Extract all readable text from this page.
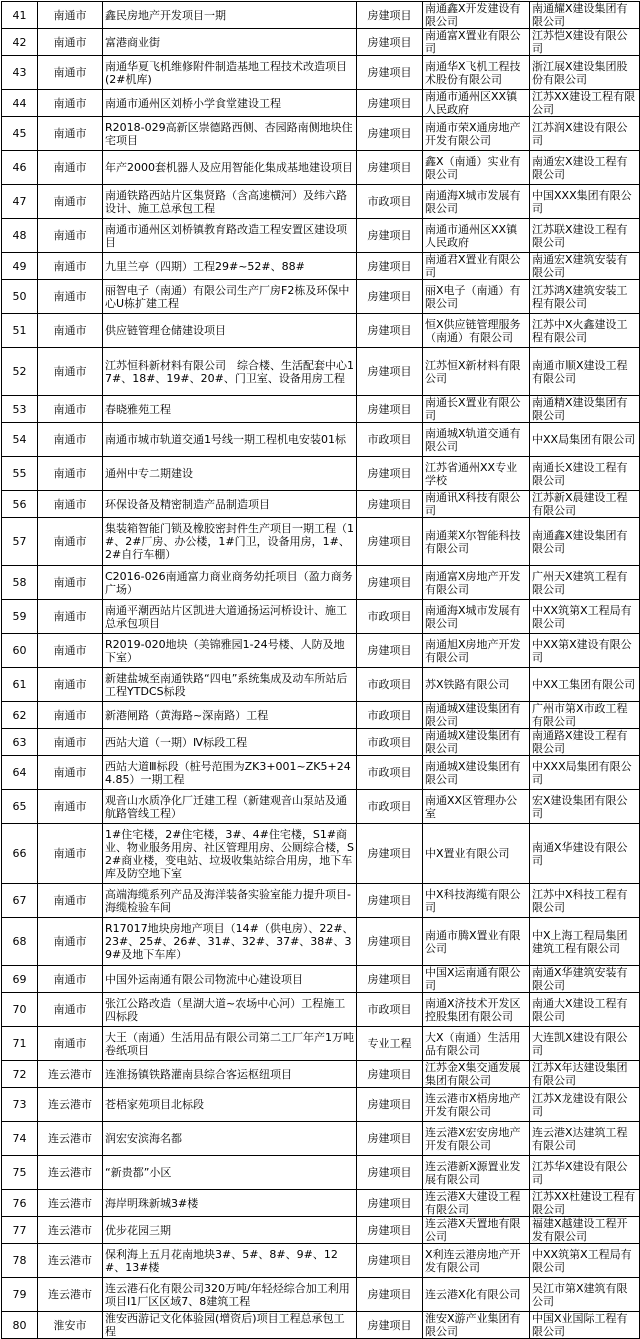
41	南通市	鑫民房地产开发项目一期	房建项目	南通鑫X开发建设有限公司	南通耀X建设集团有限公司
42	南通市	富港商业街	房建项目	南通富X置业有限公司	江苏恺X建设有限公司
43	南通市	南通华夏飞机维修附件制造基地工程技术改造项目(2#机库)	房建项目	南通华X飞机工程技术股份有限公司	浙江展X建设集团股份有限公司
44	南通市	南通市通州区刘桥小学食堂建设工程	房建项目	南通市通州区XX镇人民政府	江苏XX建设工程有限公司
45	南通市	R2018-029高新区崇德路西侧、杏园路南侧地块住宅项目	房建项目	南通市荣X通房地产开发有限公司	江苏润X建设有限公司
46	南通市	年产2000套机器人及应用智能化集成基地建设项目	房建项目	鑫X（南通）实业有限公司	南通宏X建设工程有限公司
47	南通市	南通铁路西站片区集贤路（含高速横河）及纬六路设计、施工总承包工程	市政项目	南通海X城市发展有限公司	中国XXX集团有限公司
48	南通市	南通市通州区刘桥镇教育路改造工程安置区建设项目	房建项目	南通市通州区XX镇人民政府	江苏联X建设工程有限公司
49	南通市	九里兰亭（四期）工程29#~52#、88#	房建项目	南通君X置业有限公司	南通宏X建筑安装有限公司
50	南通市	丽智电子（南通）有限公司生产厂房F2栋及环保中心U栋扩建工程	房建项目	丽X电子（南通）有限公司	江苏鸿X建筑安装工程有限公司
51	南通市	供应链管理仓储建设项目	房建项目	恒X供应链管理服务（南通）有限公司	江苏中X火鑫建设工程有限公司
52	南通市	江苏恒科新材料有限公司　综合楼、生活配套中心17#、18#、19#、20#、门卫室、设备用房工程	房建项目	江苏恒X新材料有限公司	南通市顺X建设工程有限公司
53	南通市	春晓雅苑工程	房建项目	南通长X置业有限公司	南通精X建设集团有限公司
54	南通市	南通市城市轨道交通1号线一期工程机电安装01标	市政项目	南通城X轨道交通有限公司	中XX局集团有限公司
55	南通市	通州中专二期建设	房建项目	江苏省通州XX专业学校	南通长X建设工程有限公司
56	南通市	环保设备及精密制造产品制造项目	房建项目	南通讯X科技有限公司	江苏新X晨建设工程有限公司
57	南通市	集装箱智能门锁及橡胶密封件生产项目一期工程（1#、2#厂房、办公楼，1#门卫，设备用房，1#、2#自行车棚）	房建项目	南通莱X尔智能科技有限公司	南通鑫X建设集团有限公司
58	南通市	C2016-026南通富力商业商务幼托项目（盈力商务广场）	房建项目	南通富X房地产开发有限公司	广州天X建筑工程有限公司
59	南通市	南通平潮西站片区凯进大道通扬运河桥设计、施工总承包项目	市政项目	南通海X城市发展有限公司	中XX筑第X工程局有限公司
60	南通市	R2019-020地块（美锦雅园1-24号楼、人防及地下室）	房建项目	南通旭X房地产开发有限公司	中XX第X建设有限公司
61	南通市	新建盐城至南通铁路“四电”系统集成及动车所站后工程YTDCS标段	市政项目	苏X铁路有限公司	中XX工集团有限公司
62	南通市	新港闸路（黄海路~深南路）工程	市政项目	南通城X建设集团有限公司	广州市第X市政工程有限公司
63	南通市	西站大道（一期）Ⅳ标段工程	市政项目	南通城X建设集团有限公司	南通路X建设工程有限公司
64	南通市	西站大道Ⅲ标段（桩号范围为ZK3+001~ZK5+244.85）一期工程	市政项目	南通城X建设集团有限公司	中XXX局集团有限公司
65	南通市	观音山水质净化厂迁建工程（新建观音山泵站及通航路管线工程）	市政项目	南通XX区管理办公室	宏X建设集团有限公司
66	南通市	1#住宅楼，2#住宅楼，3#、4#住宅楼，S1#商业、物业服务用房、社区管理用房、公厕综合楼，S2#商业楼，变电站、垃圾收集站综合用房，地下车库及防空地下室	房建项目	中X置业有限公司	南通X华建设有限公司
67	南通市	高端海缆系列产品及海洋装备实验室能力提升项目-海缆检验车间	房建项目	中X科技海缆有限公司	江苏中X科技工程有限公司
68	南通市	R17017地块房地产项目（14#（供电房）、22#、23#、25#、26#、31#、32#、37#、38#、39#及地下车库）	房建项目	南通市腾X置业有限公司	中X上海工程局集团建筑工程有限公司
69	南通市	中国外运南通有限公司物流中心建设项目	房建项目	中国X运南通有限公司	南通X华建筑安装有限公司
70	南通市	张江公路改造（星湖大道~农场中心河）工程施工四标段	市政项目	南通X济技术开发区控股集团有限公司	南通大X建设工程有限公司
71	南通市	大王（南通）生活用品有限公司第二工厂年产1万吨卷纸项目	专业工程	大X（南通）生活用品有限公司	大连凯X建设有限公司
72	连云港市	连淮扬镇铁路灌南县综合客运枢纽项目	房建项目	江苏金X集交通发展集团有限公司	江苏X年达建设集团有限公司
73	连云港市	苍梧家苑项目北标段	房建项目	连云港市X梧房地产开发有限公司	江苏X龙建设有限公司
74	连云港市	润宏安滨海名都	房建项目	连云港X宏安房地产开发有限公司	连云港X达建筑工程有限公司
75	连云港市	“新贵都”小区	房建项目	连云港新X源置业发展有限公司	江苏华X建设有限公司
76	连云港市	海岸明珠新城3#楼	房建项目	连云港X大建设工程有限公司	江苏XX杜建设工程有限公司
77	连云港市	优步花园三期	房建项目	连云港X天置地有限公司	福建X越建设工程开发有限公司
78	连云港市	保利海上五月花南地块3#、5#、8#、9#、12#、13#楼	房建项目	X利连云港房地产开发有限公司	中XX筑第X工程局有限公司
79	连云港市	连云港石化有限公司320万吨/年轻烃综合加工利用项目I1厂区区域7、8建筑工程	房建项目	连云港X化有限公司	吴江市第X建筑有限公司
80	淮安市	淮安西游记文化体验园(增资后)项目工程总承包工程	房建项目	淮安X游产业集团有限公司	中国X业国际工程有限公司
